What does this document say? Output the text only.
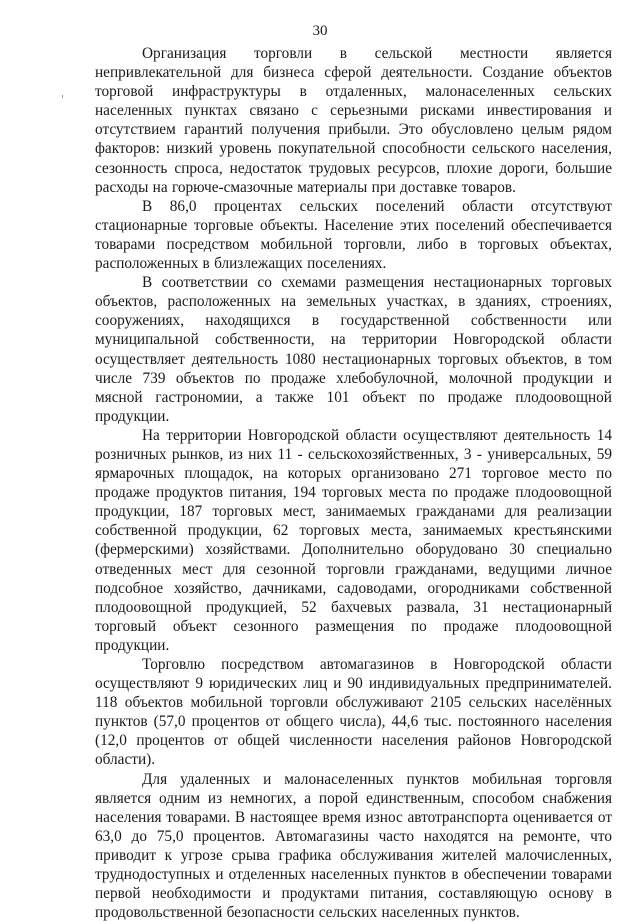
30

Организация торговли в сельской местности является непривлекательной для бизнеса сферой деятельности. Создание объектов торговой инфраструктуры в отдаленных, малонаселенных сельских населенных пунктах связано с серьезными рисками инвестирования и отсутствием гарантий получения прибыли. Это обусловлено целым рядом факторов: низкий уровень покупательной способности сельского населения, сезонность спроса, недостаток трудовых ресурсов, плохие дороги, большие расходы на горюче-смазочные материалы при доставке товаров.

В 86,0 процентах сельских поселений области отсутствуют стационарные торговые объекты. Население этих поселений обеспечивается товарами посредством мобильной торговли, либо в торговых объектах, расположенных в близлежащих поселениях.

В соответствии со схемами размещения нестационарных торговых объектов, расположенных на земельных участках, в зданиях, строениях, сооружениях, находящихся в государственной собственности или муниципальной собственности, на территории Новгородской области осуществляет деятельность 1080 нестационарных торговых объектов, в том числе 739 объектов по продаже хлебобулочной, молочной продукции и мясной гастрономии, а также 101 объект по продаже плодоовощной продукции.

На территории Новгородской области осуществляют деятельность 14 розничных рынков, из них 11 - сельскохозяйственных, 3 - универсальных, 59 ярмарочных площадок, на которых организовано 271 торговое место по продаже продуктов питания, 194 торговых места по продаже плодоовощной продукции, 187 торговых мест, занимаемых гражданами для реализации собственной продукции, 62 торговых места, занимаемых крестьянскими (фермерскими) хозяйствами. Дополнительно оборудовано 30 специально отведенных мест для сезонной торговли гражданами, ведущими личное подсобное хозяйство, дачниками, садоводами, огородниками собственной плодоовощной продукцией, 52 бахчевых развала, 31 нестационарный торговый объект сезонного размещения по продаже плодоовощной продукции.

Торговлю посредством автомагазинов в Новгородской области осуществляют 9 юридических лиц и 90 индивидуальных предпринимателей. 118 объектов мобильной торговли обслуживают 2105 сельских населённых пунктов (57,0 процентов от общего числа), 44,6 тыс. постоянного населения (12,0 процентов от общей численности населения районов Новгородской области).

Для удаленных и малонаселенных пунктов мобильная торговля является одним из немногих, а порой единственным, способом снабжения населения товарами. В настоящее время износ автотранспорта оценивается от 63,0 до 75,0 процентов. Автомагазины часто находятся на ремонте, что приводит к угрозе срыва графика обслуживания жителей малочисленных, труднодоступных и отделенных населенных пунктов в обеспечении товарами первой необходимости и продуктами питания, составляющую основу в продовольственной безопасности сельских населенных пунктов.
